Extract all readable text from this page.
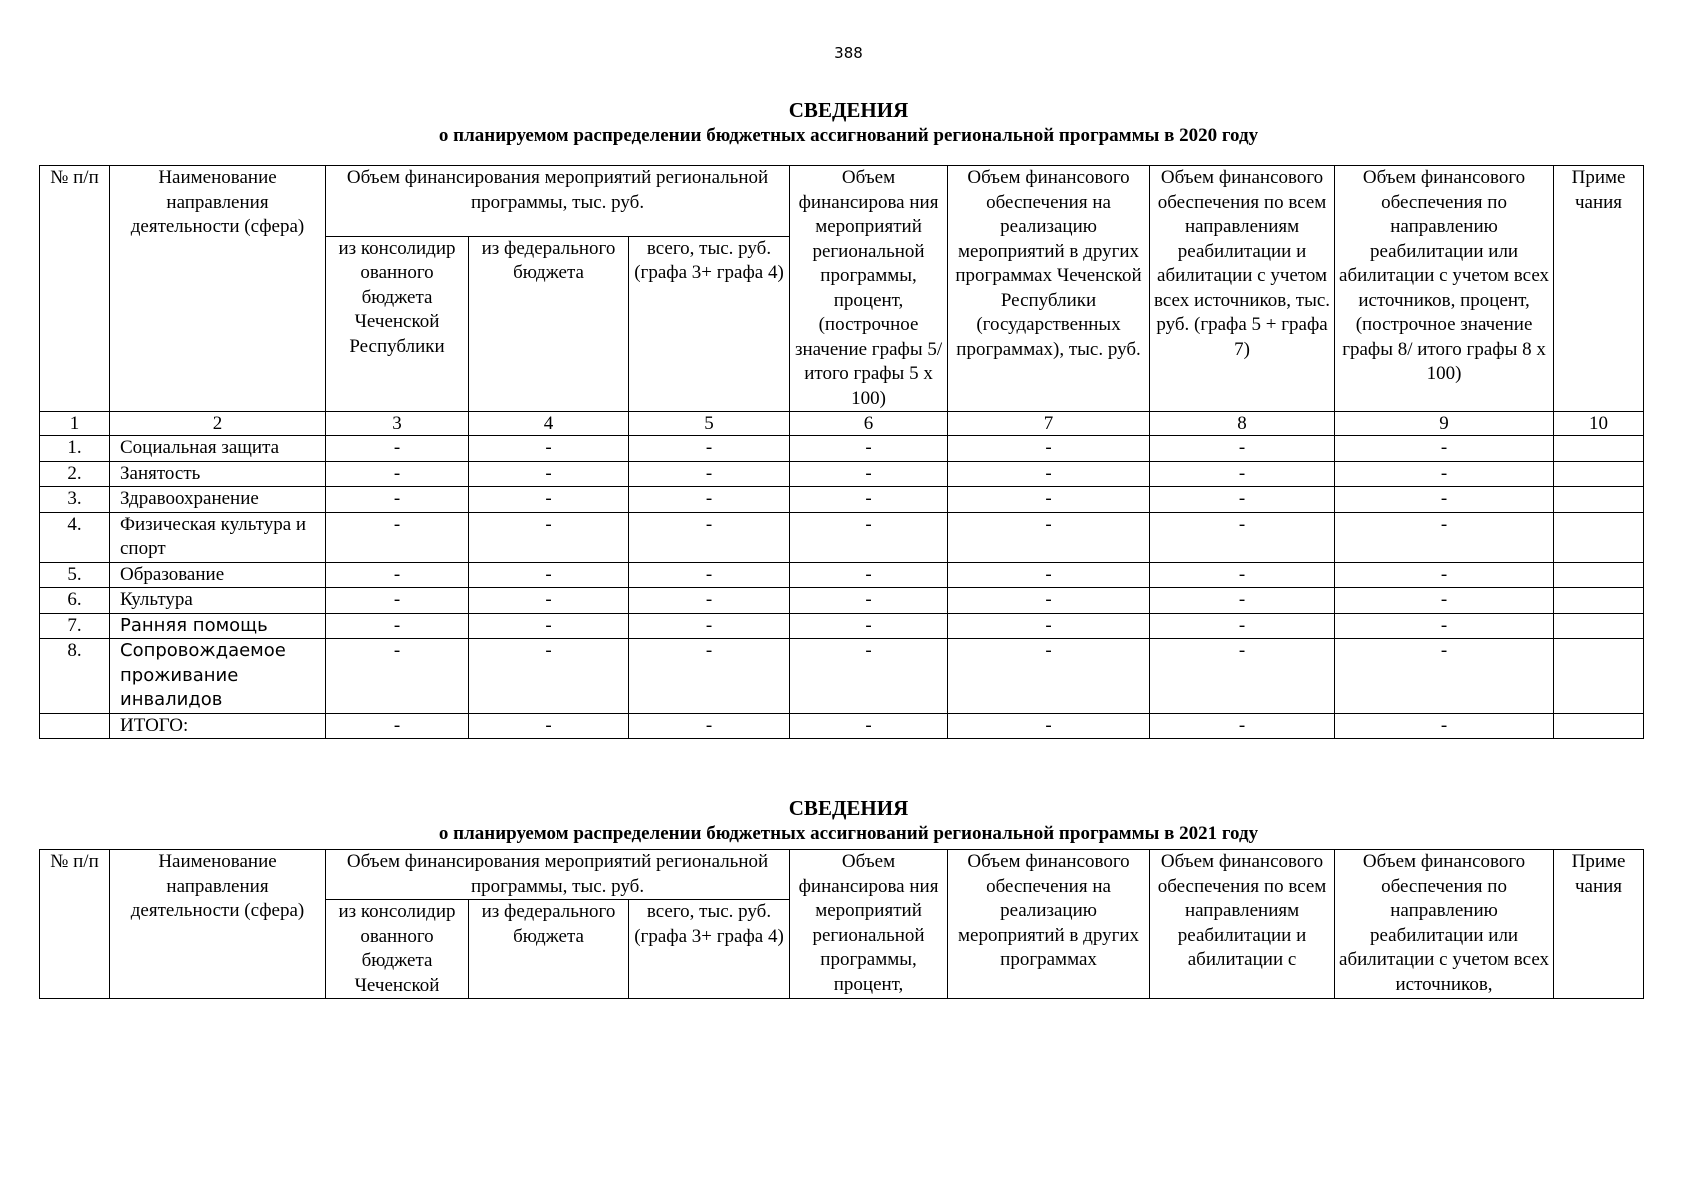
388
СВЕДЕНИЯ
о планируемом распределении бюджетных ассигнований региональной программы в 2020 году
№ п/п	Наименование направления деятельности (сфера)	Объем финансирования мероприятий региональной программы, тыс. руб.			Объем финансирова ния мероприятий региональной программы, процент, (построчное значение графы 5/ итого графы 5 x 100)	Объем финансового обеспечения на реализацию мероприятий в других программах Чеченской Республики (государственных программах), тыс. руб.	Объем финансового обеспечения по всем направлениям реабилитации и абилитации с учетом всех источников, тыс. руб. (графа 5 + графа 7)	Объем финансового обеспечения по направлению реабилитации или абилитации с учетом всех источников, процент, (построчное значение графы 8/ итого графы 8 x 100)	Приме чания
		из консолидир ованного бюджета Чеченской Республики	из федерального бюджета	всего, тыс. руб. (графа 3+ графа 4)					
1	2	3	4	5	6	7	8	9	10
1.	Социальная защита	-	-	-	-	-	-	-	
2.	Занятость	-	-	-	-	-	-	-	
3.	Здравоохранение	-	-	-	-	-	-	-	
4.	Физическая культура и спорт	-	-	-	-	-	-	-	
5.	Образование	-	-	-	-	-	-	-	
6.	Культура	-	-	-	-	-	-	-	
7.	Ранняя помощь	-	-	-	-	-	-	-	
8.	Сопровождаемое проживание инвалидов	-	-	-	-	-	-	-	
	ИТОГО:	-	-	-	-	-	-	-	
СВЕДЕНИЯ
о планируемом распределении бюджетных ассигнований региональной программы в 2021 году
№ п/п	Наименование направления деятельности (сфера)	Объем финансирования мероприятий региональной программы, тыс. руб.			Объем финансирова ния мероприятий региональной программы, процент,	Объем финансового обеспечения на реализацию мероприятий в других программах	Объем финансового обеспечения по всем направлениям реабилитации и абилитации с	Объем финансового обеспечения по направлению реабилитации или абилитации с учетом всех источников,	Приме чания
		из консолидир ованного бюджета Чеченской	из федерального бюджета	всего, тыс. руб. (графа 3+ графа 4)					
